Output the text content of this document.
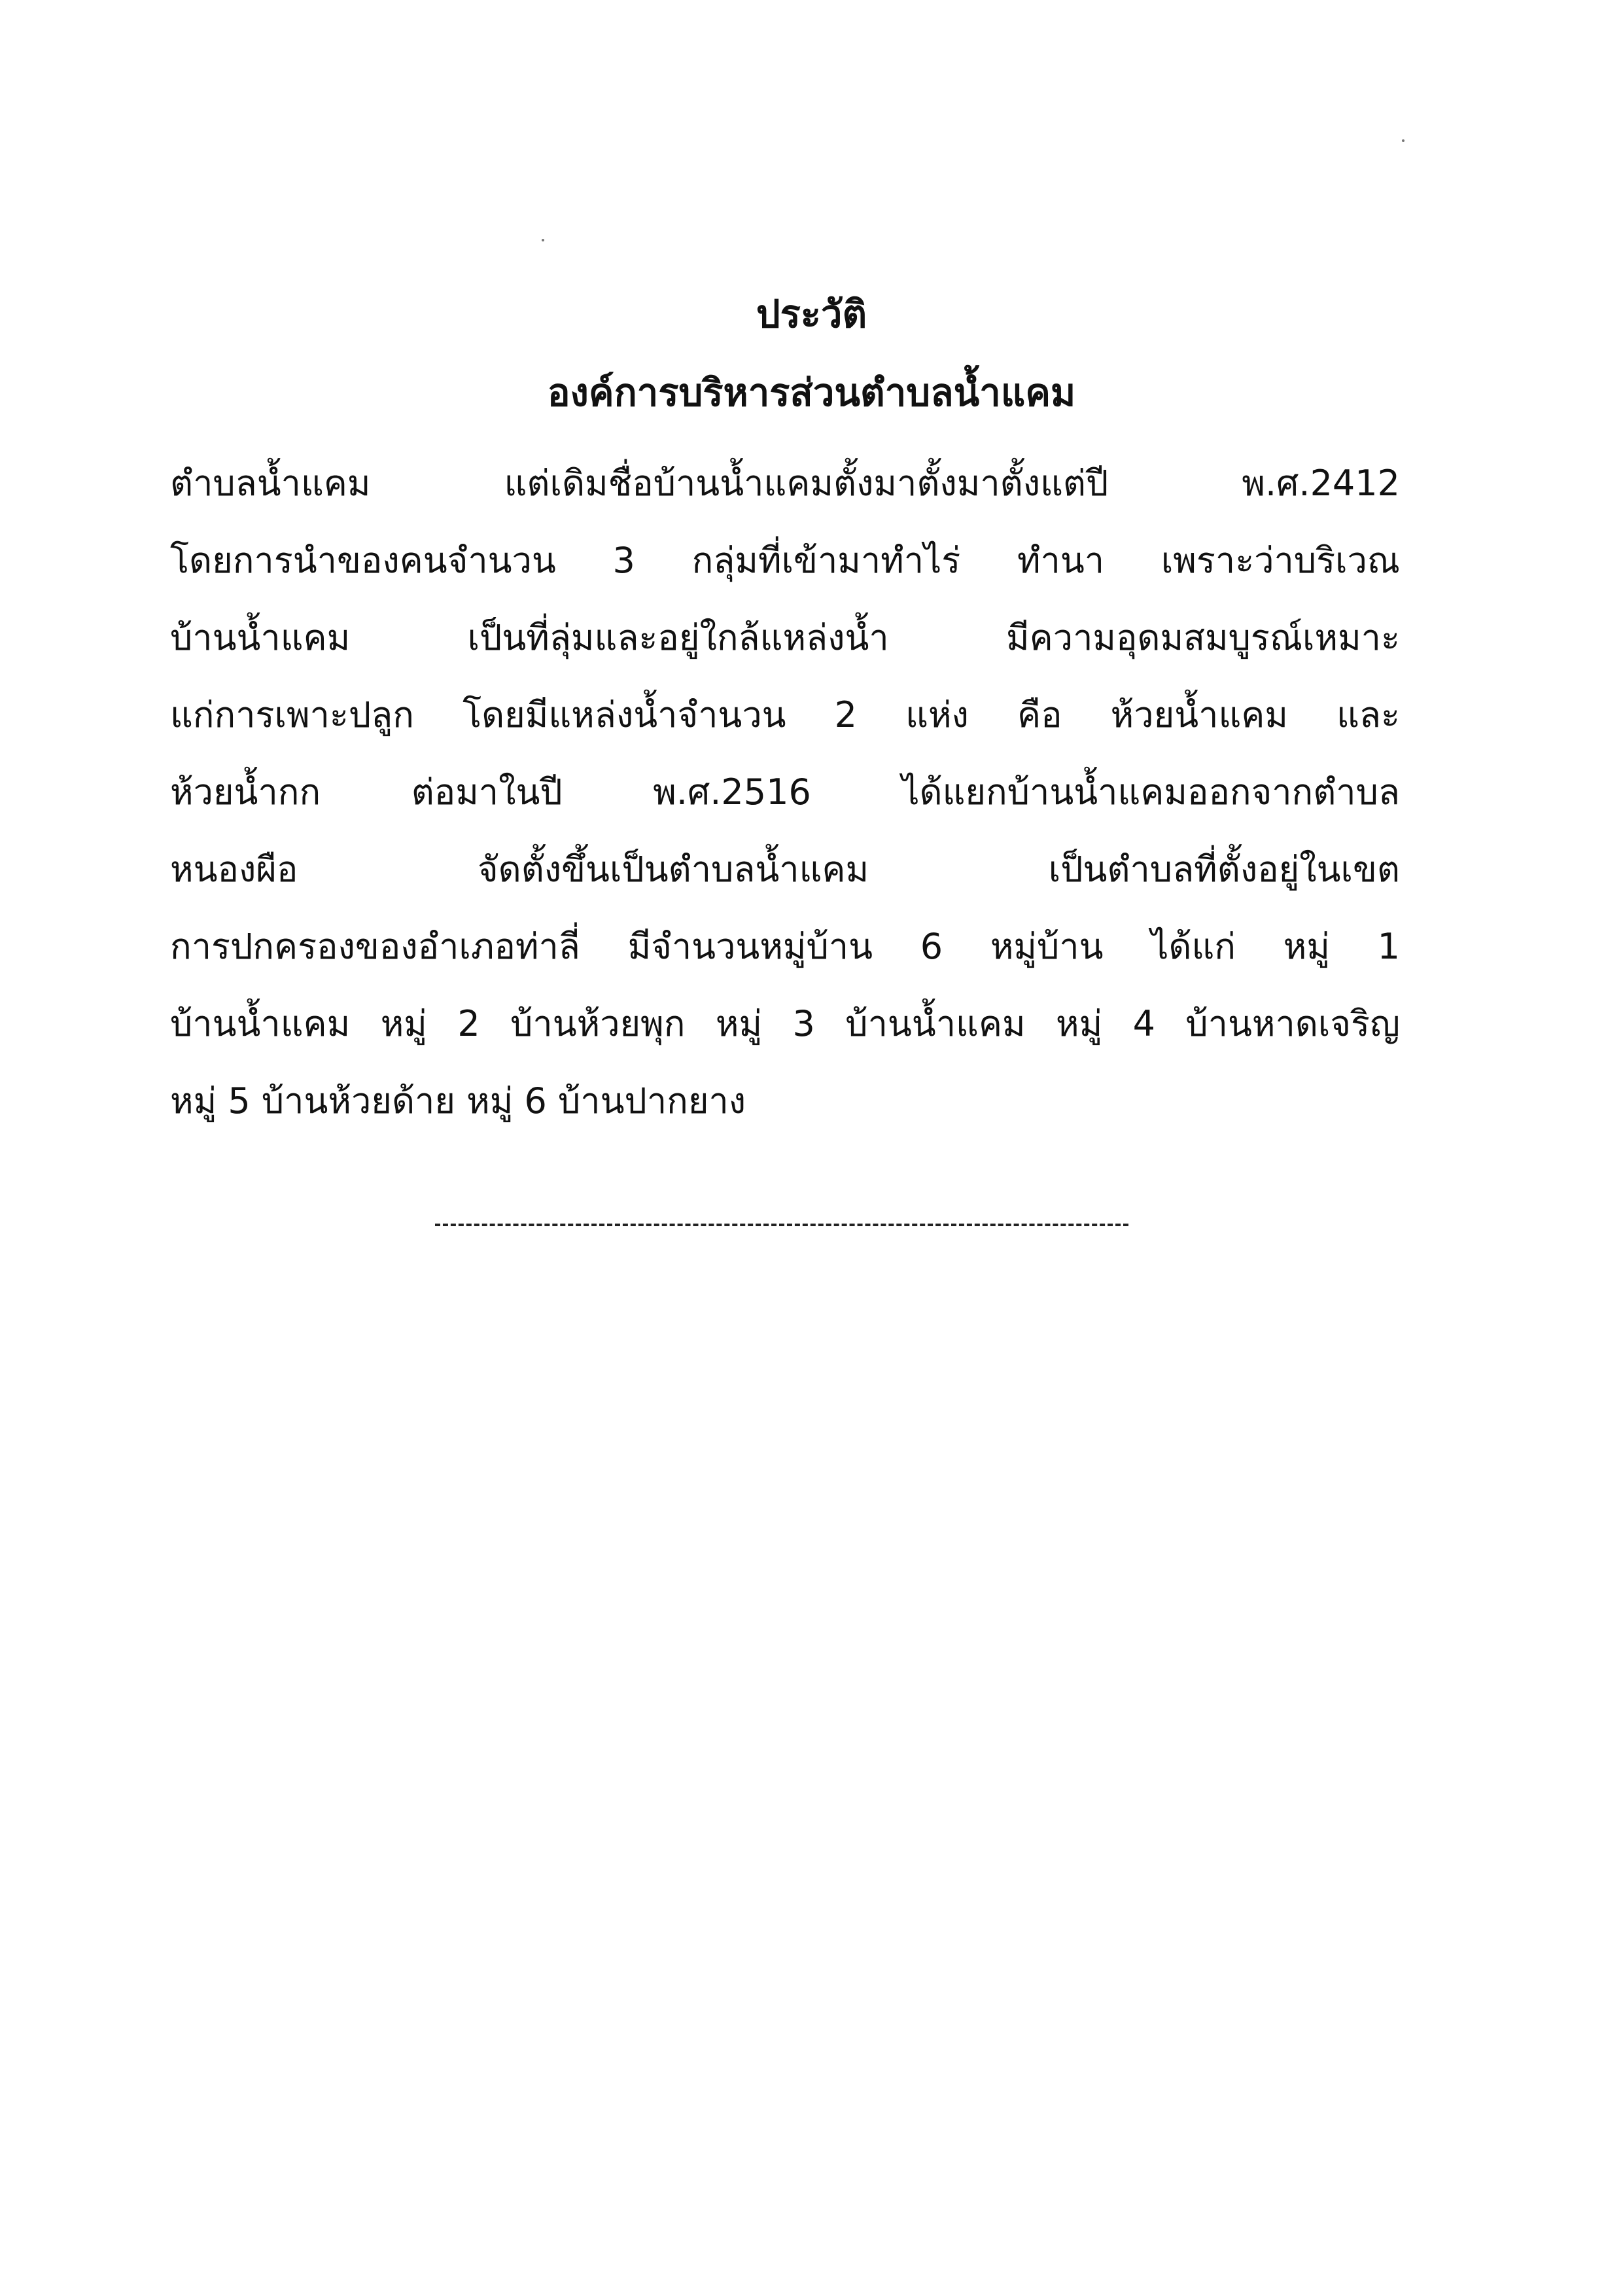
ประวัติ
องค์การบริหารส่วนตำบลน้ำแคม
ตำบลน้ำแคม แต่เดิมชื่อบ้านน้ำแคมตั้งมาตั้งมาตั้งแต่ปี พ.ศ.2412
โดยการนำของคนจำนวน 3 กลุ่มที่เข้ามาทำไร่ ทำนา เพราะว่าบริเวณ
บ้านน้ำแคม เป็นที่ลุ่มและอยู่ใกล้แหล่งน้ำ มีความอุดมสมบูรณ์เหมาะ
แก่การเพาะปลูก โดยมีแหล่งน้ำจำนวน 2 แห่ง คือ ห้วยน้ำแคม และ
ห้วยน้ำกก ต่อมาในปี พ.ศ.2516 ได้แยกบ้านน้ำแคมออกจากตำบล
หนองผือ จัดตั้งขึ้นเป็นตำบลน้ำแคม เป็นตำบลที่ตั้งอยู่ในเขต
การปกครองของอำเภอท่าลี่ มีจำนวนหมู่บ้าน 6 หมู่บ้าน ได้แก่ หมู่ 1
บ้านน้ำแคม หมู่ 2 บ้านห้วยพุก หมู่ 3 บ้านน้ำแคม หมู่ 4 บ้านหาดเจริญ
หมู่ 5 บ้านห้วยด้าย หมู่ 6 บ้านปากยาง
